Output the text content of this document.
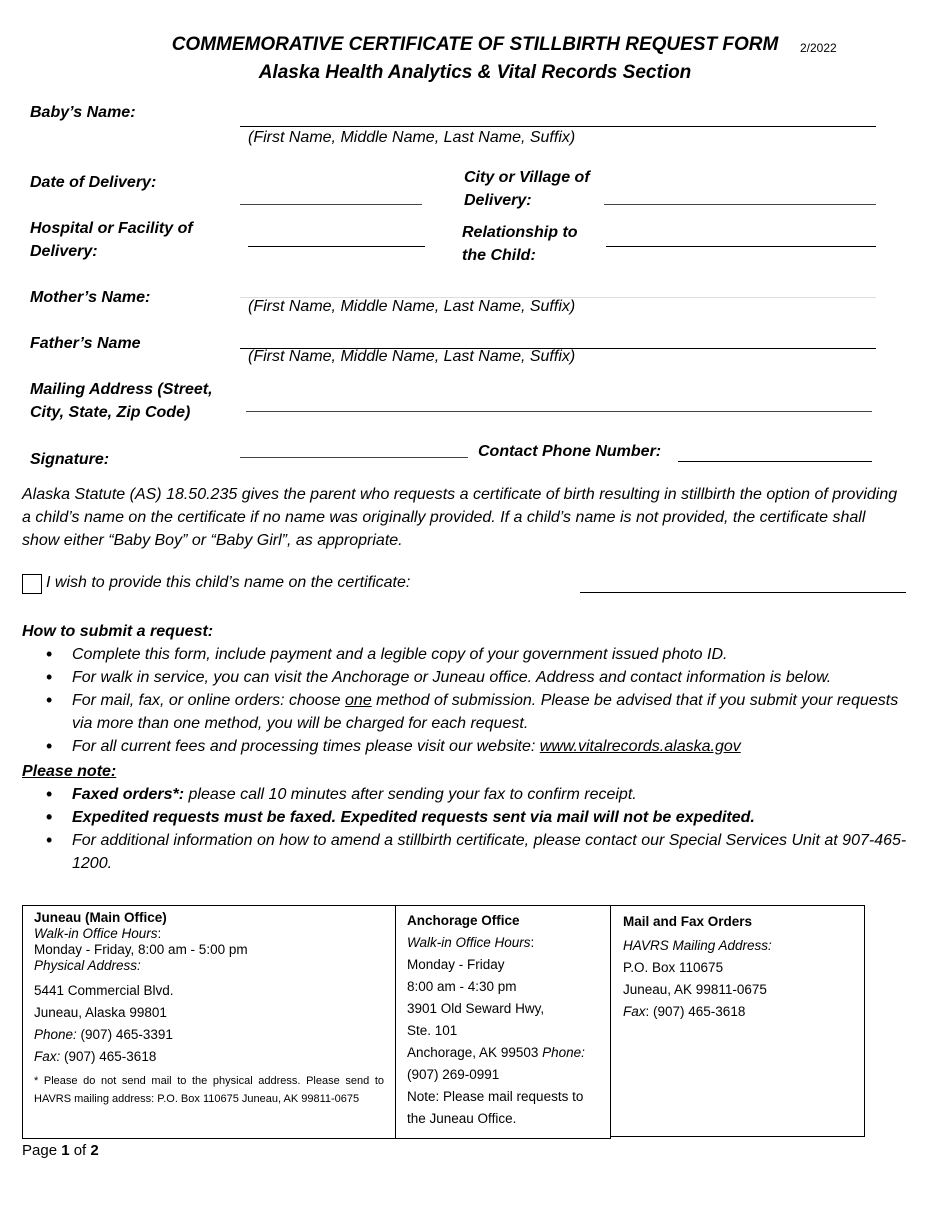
COMMEMORATIVE CERTIFICATE OF STILLBIRTH REQUEST FORM	2/2022
Alaska Health Analytics & Vital Records Section
Baby’s Name:
(First Name, Middle Name, Last Name, Suffix)
Date of Delivery:	City or Village of
Delivery:
Hospital or Facility of
Delivery:
Relationship to
the Child:
Mother’s Name:
(First Name, Middle Name, Last Name, Suffix)
Father’s Name
(First Name, Middle Name, Last Name, Suffix)
Mailing Address (Street,
City, State, Zip Code)
Signature:	Contact Phone Number:
Alaska Statute (AS) 18.50.235 gives the parent who requests a certificate of birth resulting in stillbirth the option of providing a child’s name on the certificate if no name was originally provided. If a child’s name is not provided, the certificate shall show either “Baby Boy” or “Baby Girl”, as appropriate.
I wish to provide this child’s name on the certificate:
How to submit a request:
• Complete this form, include payment and a legible copy of your government issued photo ID.
• For walk in service, you can visit the Anchorage or Juneau office. Address and contact information is below.
• For mail, fax, or online orders: choose one method of submission. Please be advised that if you submit your requests via more than one method, you will be charged for each request.
• For all current fees and processing times please visit our website: www.vitalrecords.alaska.gov
Please note:
• Faxed orders*: please call 10 minutes after sending your fax to confirm receipt.
• Expedited requests must be faxed. Expedited requests sent via mail will not be expedited.
• For additional information on how to amend a stillbirth certificate, please contact our Special Services Unit at 907-465-1200.
Juneau (Main Office)
Walk-in Office Hours:
Monday - Friday, 8:00 am - 5:00 pm
Physical Address:
5441 Commercial Blvd.
Juneau, Alaska 99801
Phone: (907) 465-3391
Fax: (907) 465-3618
* Please do not send mail to the physical address. Please send to HAVRS mailing address: P.O. Box 110675 Juneau, AK 99811-0675
Anchorage Office
Walk-in Office Hours:
Monday - Friday
8:00 am - 4:30 pm
3901 Old Seward Hwy,
Ste. 101
Anchorage, AK 99503 Phone:
(907) 269-0991
Note: Please mail requests to
the Juneau Office.
Mail and Fax Orders
HAVRS Mailing Address:
P.O. Box 110675
Juneau, AK 99811-0675
Fax: (907) 465-3618
Page 1 of 2
